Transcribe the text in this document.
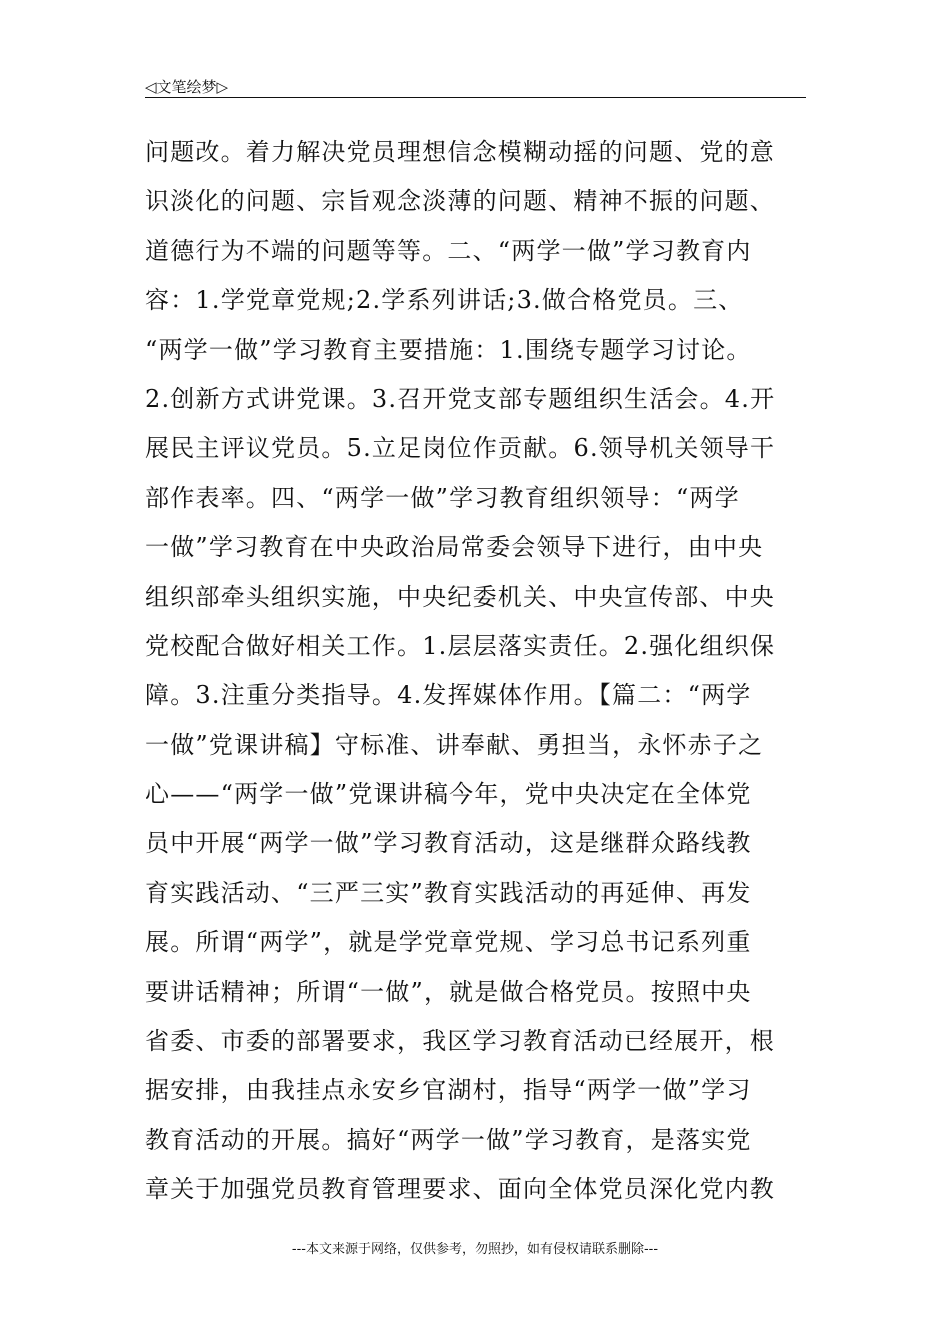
◁文笔绘梦▷
问题改。着力解决党员理想信念模糊动摇的问题、党的意
识淡化的问题、宗旨观念淡薄的问题、精神不振的问题、
道德行为不端的问题等等。二、“两学一做”学习教育内
容：1.学党章党规;2.学系列讲话;3.做合格党员。三、
“两学一做”学习教育主要措施：1.围绕专题学习讨论。
2.创新方式讲党课。3.召开党支部专题组织生活会。4.开
展民主评议党员。5.立足岗位作贡献。6.领导机关领导干
部作表率。四、“两学一做”学习教育组织领导：“两学
一做”学习教育在中央政治局常委会领导下进行，由中央
组织部牵头组织实施，中央纪委机关、中央宣传部、中央
党校配合做好相关工作。1.层层落实责任。2.强化组织保
障。3.注重分类指导。4.发挥媒体作用。【篇二：“两学
一做”党课讲稿】守标准、讲奉献、勇担当，永怀赤子之
心——“两学一做”党课讲稿今年，党中央决定在全体党
员中开展“两学一做”学习教育活动，这是继群众路线教
育实践活动、“三严三实”教育实践活动的再延伸、再发
展。所谓“两学”，就是学党章党规、学习总书记系列重
要讲话精神；所谓“一做”，就是做合格党员。按照中央
省委、市委的部署要求，我区学习教育活动已经展开，根
据安排，由我挂点永安乡官湖村，指导“两学一做”学习
教育活动的开展。搞好“两学一做”学习教育，是落实党
章关于加强党员教育管理要求、面向全体党员深化党内教
---本文来源于网络，仅供参考，勿照抄，如有侵权请联系删除---
